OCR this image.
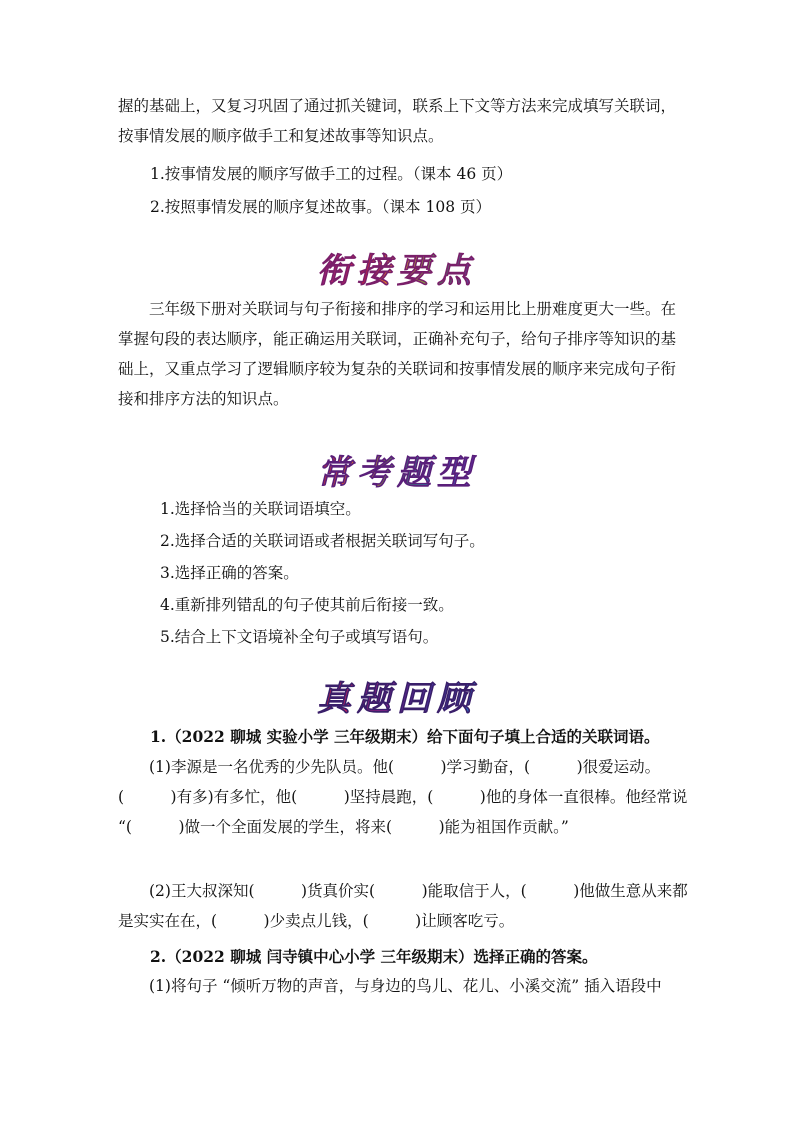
握的基础上，又复习巩固了通过抓关键词，联系上下文等方法来完成填写关联词，

按事情发展的顺序做手工和复述故事等知识点。

1.按事情发展的顺序写做手工的过程。（课本 46 页）

2.按照事情发展的顺序复述故事。（课本 108 页）

衔接要点

三年级下册对关联词与句子衔接和排序的学习和运用比上册难度更大一些。在掌握句段的表达顺序，能正确运用关联词，正确补充句子，给句子排序等知识的基础上，又重点学习了逻辑顺序较为复杂的关联词和按事情发展的顺序来完成句子衔接和排序方法的知识点。

常考题型

1.选择恰当的关联词语填空。

2.选择合适的关联词语或者根据关联词写句子。

3.选择正确的答案。

4.重新排列错乱的句子使其前后衔接一致。

5.结合上下文语境补全句子或填写语句。

真题回顾

1.（2022 聊城 实验小学 三年级期末）给下面句子填上合适的关联词语。

(1)李源是一名优秀的少先队员。他(　　　)学习勤奋，(　　　)很爱运动。(　　　)有多)有多忙，他(　　　)坚持晨跑，(　　　)他的身体一直很棒。他经常说 “(　　　)做一个全面发展的学生，将来(　　　)能为祖国作贡献。”

(2)王大叔深知(　　　)货真价实(　　　)能取信于人，(　　　)他做生意从来都是实实在在，(　　　)少卖点儿钱，(　　　)让顾客吃亏。

2.（2022 聊城 闫寺镇中心小学 三年级期末）选择正确的答案。

(1)将句子 “倾听万物的声音，与身边的鸟儿、花儿、小溪交流” 插入语段中
